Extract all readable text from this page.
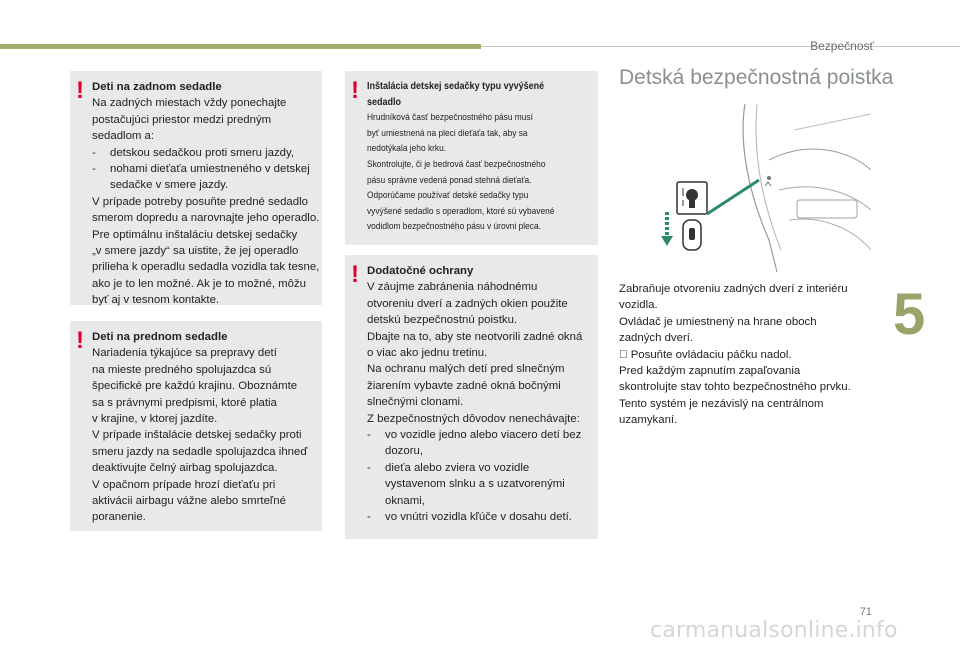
Bezpečnosť
5
71
carmanualsonline.info
! Deti na zadnom sedadle
Na zadných miestach vždy ponechajte
postačujúci priestor medzi predným
sedadlom a:
- detskou sedačkou proti smeru jazdy,
- nohami dieťaťa umiestneného v detskej
sedačke v smere jazdy.
V prípade potreby posuňte predné sedadlo
smerom dopredu a narovnajte jeho operadlo.
Pre optimálnu inštaláciu detskej sedačky
„v smere jazdy“ sa uistite, že jej operadlo
prilieha k operadlu sedadla vozidla tak tesne,
ako je to len možné. Ak je to možné, môžu
byť aj v tesnom kontakte.
! Deti na prednom sedadle
Nariadenia týkajúce sa prepravy detí
na mieste predného spolujazdca sú
špecifické pre každú krajinu. Oboznámte
sa s právnymi predpismi, ktoré platia
v krajine, v ktorej jazdíte.
V prípade inštalácie detskej sedačky proti
smeru jazdy na sedadle spolujazdca ihneď
deaktivujte čelný airbag spolujazdca.
V opačnom prípade hrozí dieťaťu pri
aktivácii airbagu vážne alebo smrteľné
poranenie.
! Inštalácia detskej sedačky typu vyvýšené
sedadlo
Hrudníková časť bezpečnostného pásu musí
byť umiestnená na pleci dieťaťa tak, aby sa
nedotýkala jeho krku.
Skontrolujte, či je bedrová časť bezpečnostného
pásu správne vedená ponad stehná dieťaťa.
Odporúčame používať detské sedačky typu
vyvýšené sedadlo s operadlom, ktoré sú vybavené
vodidlom bezpečnostného pásu v úrovni pleca.
! Dodatočné ochrany
V záujme zabránenia náhodnému
otvoreniu dverí a zadných okien použite
detskú bezpečnostnú poistku.
Dbajte na to, aby ste neotvorili zadné okná
o viac ako jednu tretinu.
Na ochranu malých detí pred slnečným
žiarením vybavte zadné okná bočnými
slnečnými clonami.
Z bezpečnostných dôvodov nenechávajte:
- vo vozidle jedno alebo viacero detí bez
dozoru,
- dieťa alebo zviera vo vozidle
vystavenom slnku a s uzatvorenými
oknami,
- vo vnútri vozidla kľúče v dosahu detí.
Detská bezpečnostná poistka
Zabraňuje otvoreniu zadných dverí z interiéru
vozidla.
Ovládač je umiestnený na hrane oboch
zadných dverí.
Posuňte ovládaciu páčku nadol.
Pred každým zapnutím zapaľovania
skontrolujte stav tohto bezpečnostného prvku.
Tento systém je nezávislý na centrálnom
uzamykaní.
